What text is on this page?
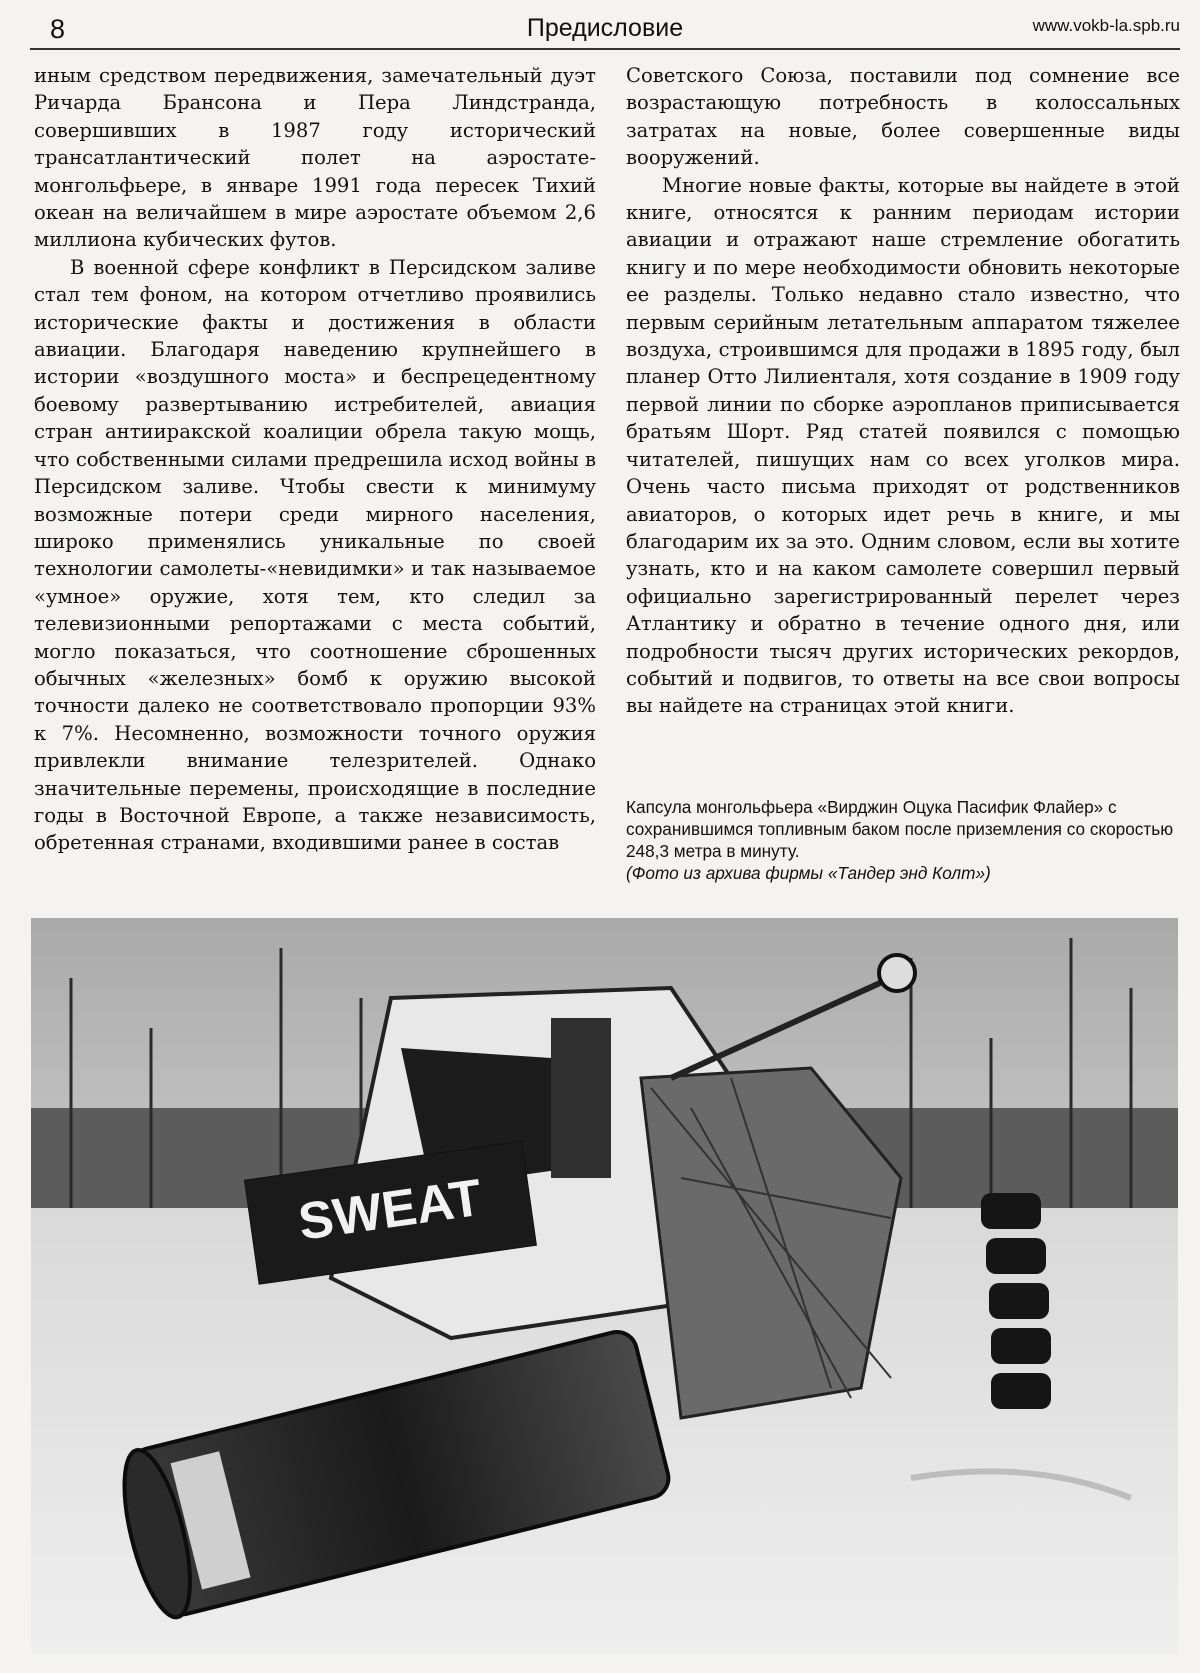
8	Предисловие	www.vokb-la.spb.ru

иным средством передвижения, замечательный дуэт Ричарда Брансона и Пера Линдстранда, совершивших в 1987 году исторический трансатлантический полет на аэростате-монгольфьере, в январе 1991 года пересек Тихий океан на величайшем в мире аэростате объемом 2,6 миллиона кубических футов.

В военной сфере конфликт в Персидском заливе стал тем фоном, на котором отчетливо проявились исторические факты и достижения в области авиации. Благодаря наведению крупнейшего в истории «воздушного моста» и беспрецедентному боевому развертыванию истребителей, авиация стран антииракской коалиции обрела такую мощь, что собственными силами предрешила исход войны в Персидском заливе. Чтобы свести к минимуму возможные потери среди мирного населения, широко применялись уникальные по своей технологии самолеты-«невидимки» и так называемое «умное» оружие, хотя тем, кто следил за телевизионными репортажами с места событий, могло показаться, что соотношение сброшенных обычных «железных» бомб к оружию высокой точности далеко не соответствовало пропорции 93% к 7%. Несомненно, возможности точного оружия привлекли внимание телезрителей. Однако значительные перемены, происходящие в последние годы в Восточной Европе, а также независимость, обретенная странами, входившими ранее в состав

Советского Союза, поставили под сомнение все возрастающую потребность в колоссальных затратах на новые, более совершенные виды вооружений.

Многие новые факты, которые вы найдете в этой книге, относятся к ранним периодам истории авиации и отражают наше стремление обогатить книгу и по мере необходимости обновить некоторые ее разделы. Только недавно стало известно, что первым серийным летательным аппаратом тяжелее воздуха, строившимся для продажи в 1895 году, был планер Отто Лилиенталя, хотя создание в 1909 году первой линии по сборке аэропланов приписывается братьям Шорт. Ряд статей появился с помощью читателей, пишущих нам со всех уголков мира. Очень часто письма приходят от родственников авиаторов, о которых идет речь в книге, и мы благодарим их за это. Одним словом, если вы хотите узнать, кто и на каком самолете совершил первый официально зарегистрированный перелет через Атлантику и обратно в течение одного дня, или подробности тысяч других исторических рекордов, событий и подвигов, то ответы на все свои вопросы вы найдете на страницах этой книги.

Капсула монгольфьера «Вирджин Оцука Пасифик Флайер» с сохранившимся топливным баком после приземления со скоростью 248,3 метра в минуту.
(Фото из архива фирмы «Тандер энд Колт»)
SWEAT
